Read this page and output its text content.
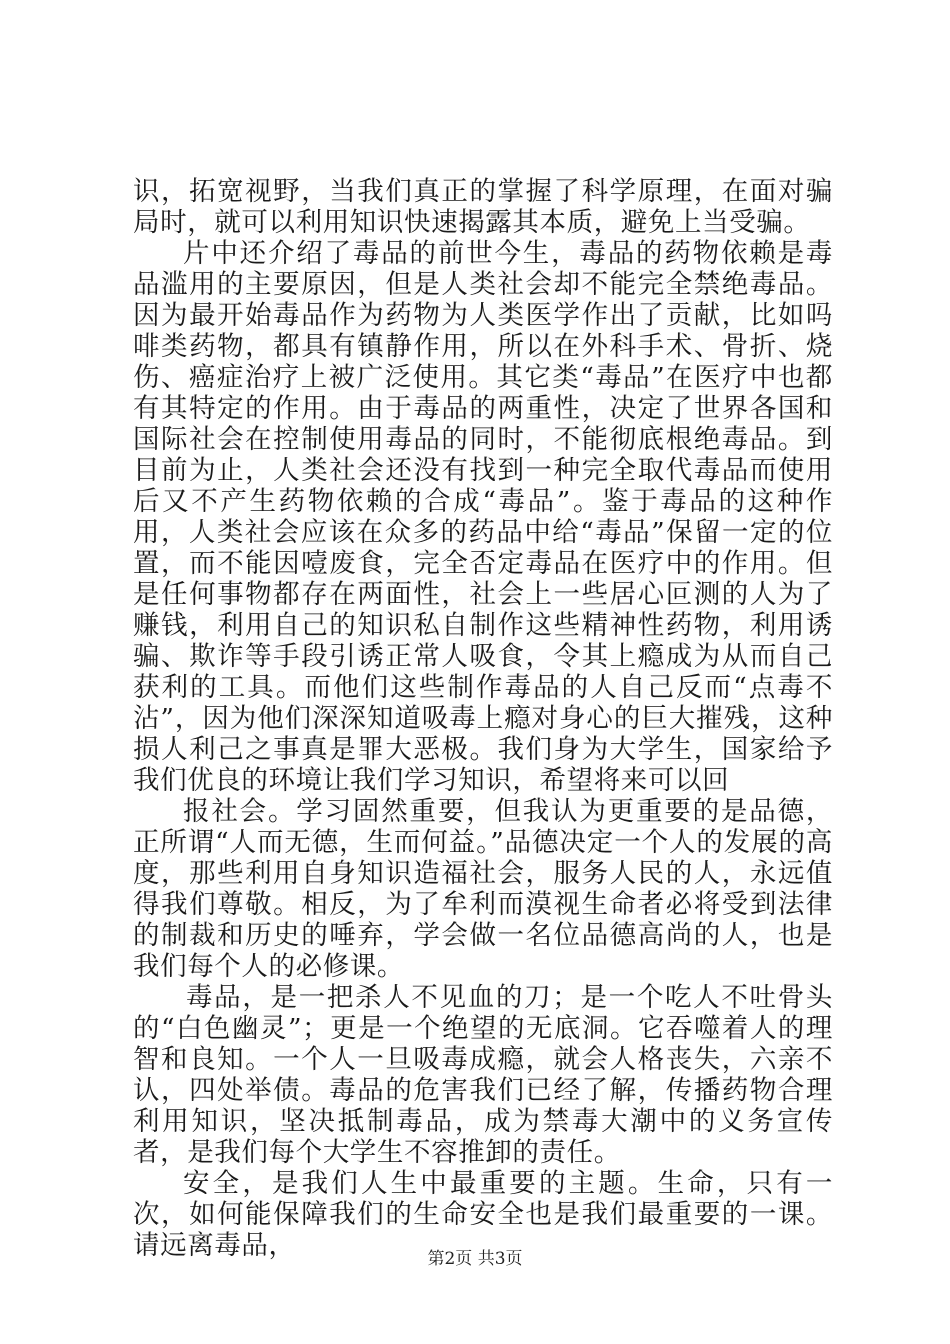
识，拓宽视野，当我们真正的掌握了科学原理，在面对骗局时，就可以利用知识快速揭露其本质，避免上当受骗。

片中还介绍了毒品的前世今生，毒品的药物依赖是毒品滥用的主要原因，但是人类社会却不能完全禁绝毒品。因为最开始毒品作为药物为人类医学作出了贡献，比如吗啡类药物，都具有镇静作用，所以在外科手术、骨折、烧伤、癌症治疗上被广泛使用。其它类“毒品”在医疗中也都有其特定的作用。由于毒品的两重性，决定了世界各国和国际社会在控制使用毒品的同时，不能彻底根绝毒品。到目前为止，人类社会还没有找到一种完全取代毒品而使用后又不产生药物依赖的合成“毒品”。鉴于毒品的这种作用，人类社会应该在众多的药品中给“毒品”保留一定的位置，而不能因噎废食，完全否定毒品在医疗中的作用。但是任何事物都存在两面性，社会上一些居心叵测的人为了赚钱，利用自己的知识私自制作这些精神性药物，利用诱骗、欺诈等手段引诱正常人吸食，令其上瘾成为从而自己获利的工具。而他们这些制作毒品的人自己反而“点毒不沾”，因为他们深深知道吸毒上瘾对身心的巨大摧残，这种损人利己之事真是罪大恶极。我们身为大学生，国家给予我们优良的环境让我们学习知识，希望将来可以回

报社会。学习固然重要，但我认为更重要的是品德，正所谓“人而无德，生而何益。”品德决定一个人的发展的高度，那些利用自身知识造福社会，服务人民的人，永远值得我们尊敬。相反，为了牟利而漠视生命者必将受到法律的制裁和历史的唾弃，学会做一名位品德高尚的人，也是我们每个人的必修课。

毒品，是一把杀人不见血的刀；是一个吃人不吐骨头的“白色幽灵”；更是一个绝望的无底洞。它吞噬着人的理智和良知。一个人一旦吸毒成瘾，就会人格丧失，六亲不认，四处举债。毒品的危害我们已经了解，传播药物合理利用知识，坚决抵制毒品，成为禁毒大潮中的义务宣传者，是我们每个大学生不容推卸的责任。

安全，是我们人生中最重要的主题。生命，只有一次，如何能保障我们的生命安全也是我们最重要的一课。请远离毒品，	第2页 共3页
